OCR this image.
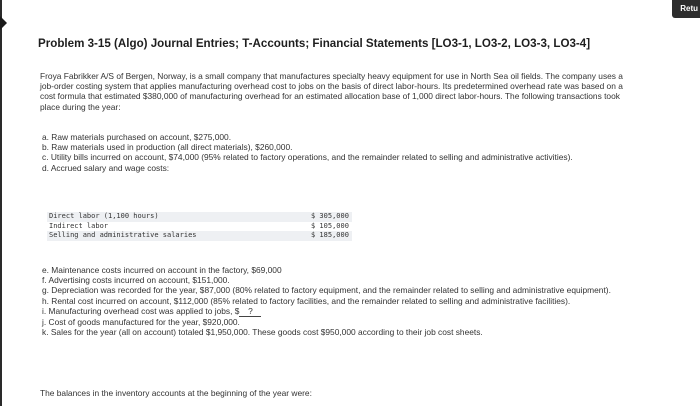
Retu
Problem 3-15 (Algo) Journal Entries; T-Accounts; Financial Statements [LO3-1, LO3-2, LO3-3, LO3-4]
Froya Fabrikker A/S of Bergen, Norway, is a small company that manufactures specialty heavy equipment for use in North Sea oil fields. The company uses a job-order costing system that applies manufacturing overhead cost to jobs on the basis of direct labor-hours. Its predetermined overhead rate was based on a cost formula that estimated $380,000 of manufacturing overhead for an estimated allocation base of 1,000 direct labor-hours. The following transactions took place during the year:

a. Raw materials purchased on account, $275,000.

b. Raw materials used in production (all direct materials), $260,000.

c. Utility bills incurred on account, $74,000 (95% related to factory operations, and the remainder related to selling and administrative activities).

d. Accrued salary and wage costs:

Direct labor (1,100 hours)	$ 305,000
Indirect labor	$ 105,000
Selling and administrative salaries	$ 185,000

e. Maintenance costs incurred on account in the factory, $69,000

f. Advertising costs incurred on account, $151,000.

g. Depreciation was recorded for the year, $87,000 (80% related to factory equipment, and the remainder related to selling and administrative equipment).

h. Rental cost incurred on account, $112,000 (85% related to factory facilities, and the remainder related to selling and administrative facilities).

i. Manufacturing overhead cost was applied to jobs, $ ?

j. Cost of goods manufactured for the year, $920,000.

k. Sales for the year (all on account) totaled $1,950,000. These goods cost $950,000 according to their job cost sheets.

The balances in the inventory accounts at the beginning of the year were:
